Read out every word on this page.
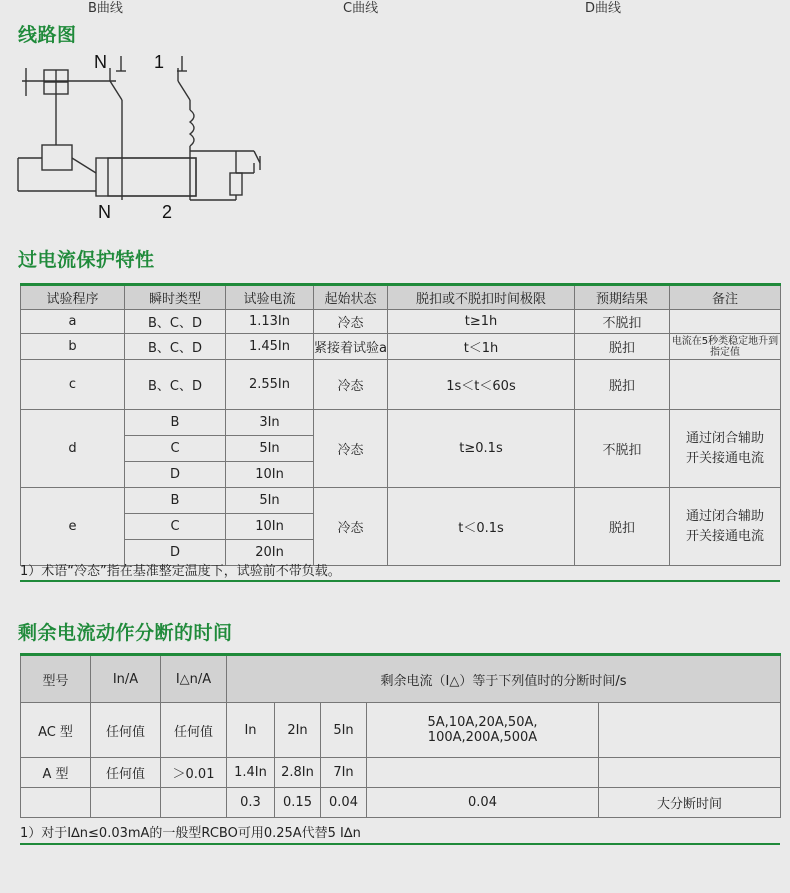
B曲线	C曲线	D曲线
线路图
N	1
N	2
过电流保护特性
试验程序	瞬时类型	试验电流	起始状态	脱扣或不脱扣时间极限	预期结果	备注
a	B、C、D	1.13In	冷态	t≥1h	不脱扣	
b	B、C、D	1.45In	紧接着试验a	t＜1h	脱扣	电流在5秒类稳定地升到指定值
c	B、C、D	2.55In	冷态	1s＜t＜60s	脱扣	
d	B	3In	冷态	t≥0.1s	不脱扣	通过闭合辅助开关接通电流
	C	5In				
	D	10In				
e	B	5In	冷态	t＜0.1s	脱扣	通过闭合辅助开关接通电流
	C	10In				
	D	20In				
1）术语“冷态”指在基准整定温度下，试验前不带负载。
剩余电流动作分断的时间
型号	In/A	I△n/A	剩余电流（I△）等于下列值时的分断时间/s				
AC 型	任何值	任何值	In	2In	5In	5A,10A,20A,50A,
100A,200A,500A	

A 型	任何值	＞0.01	1.4In	2.8In	7In		
			0.3	0.15	0.04	0.04	大分断时间
1）对于I∆n≤0.03mA的一般型RCBO可用0.25A代替5 I∆n
